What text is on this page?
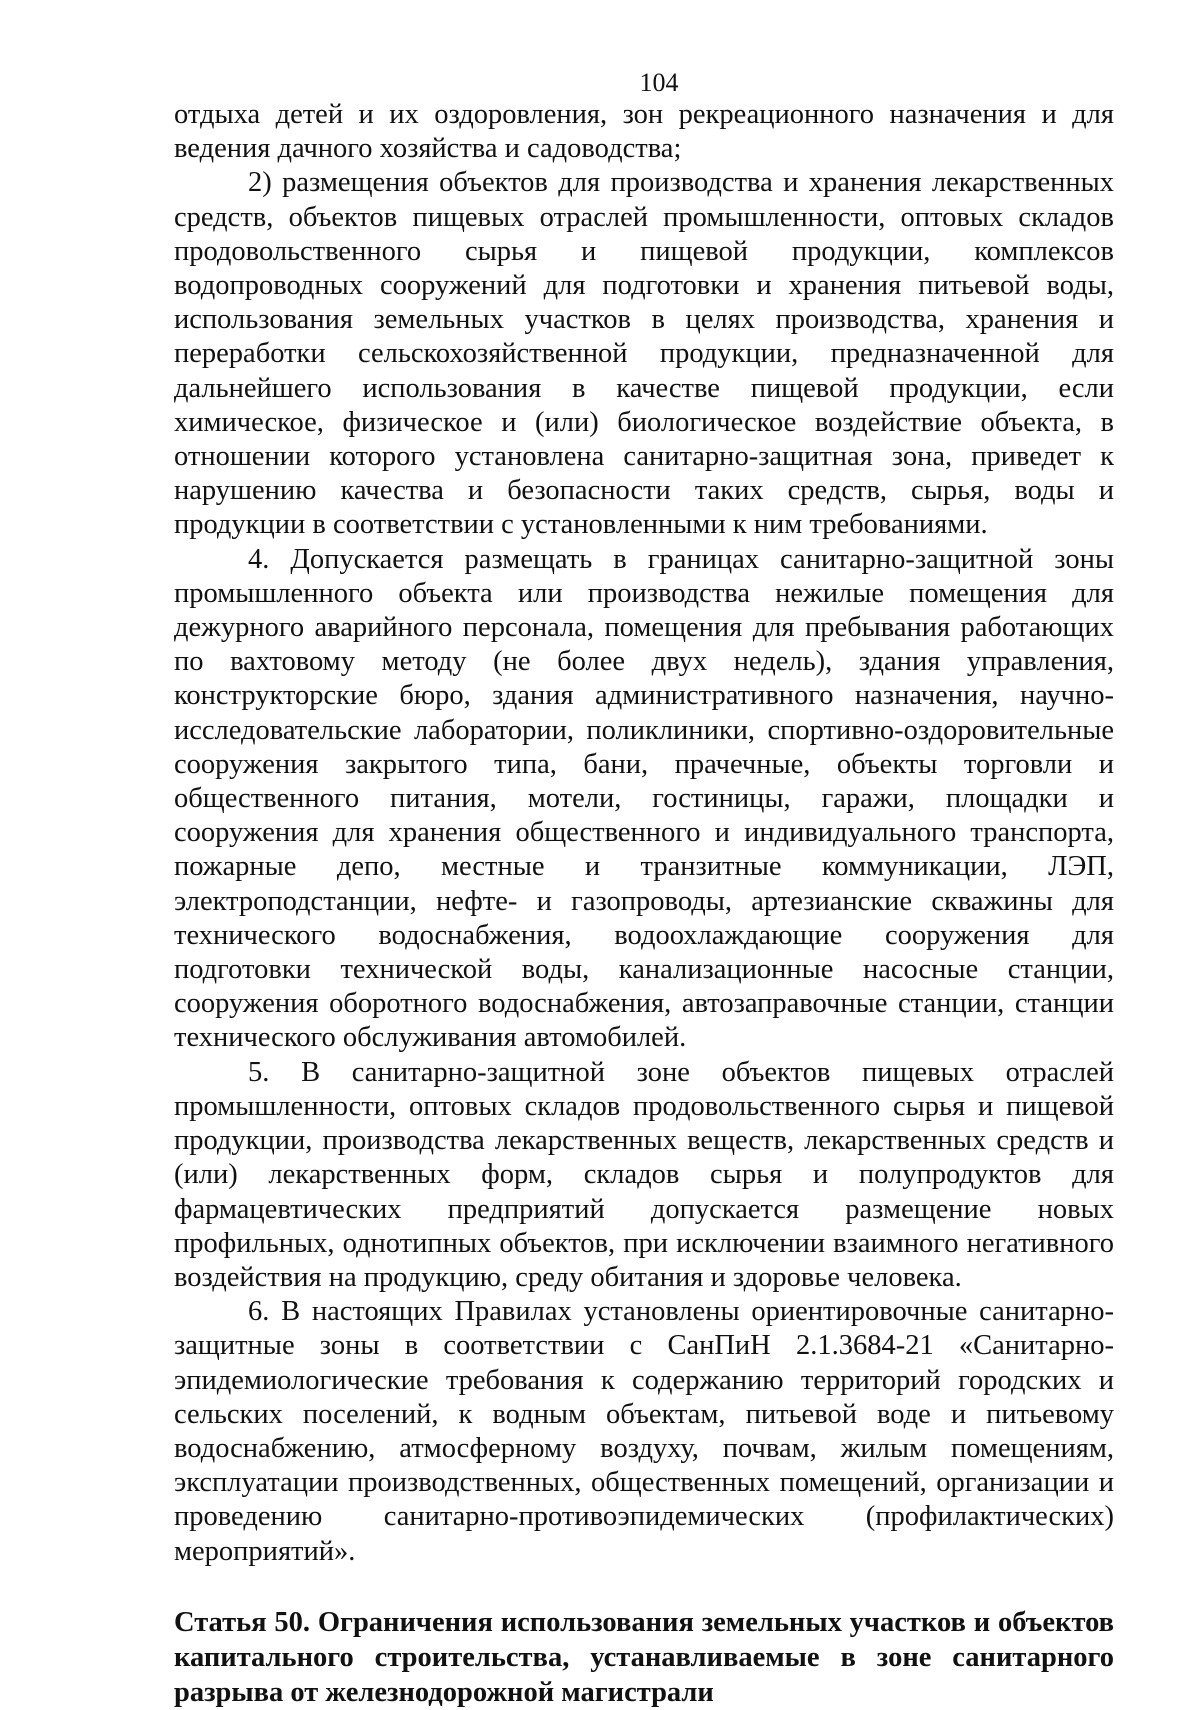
104

отдыха детей и их оздоровления, зон рекреационного назначения и для ведения дачного хозяйства и садоводства;

2) размещения объектов для производства и хранения лекарственных средств, объектов пищевых отраслей промышленности, оптовых складов продовольственного сырья и пищевой продукции, комплексов водопроводных сооружений для подготовки и хранения питьевой воды, использования земельных участков в целях производства, хранения и переработки сельскохозяйственной продукции, предназначенной для дальнейшего использования в качестве пищевой продукции, если химическое, физическое и (или) биологическое воздействие объекта, в отношении которого установлена санитарно-защитная зона, приведет к нарушению качества и безопасности таких средств, сырья, воды и продукции в соответствии с установленными к ним требованиями.

4. Допускается размещать в границах санитарно-защитной зоны промышленного объекта или производства нежилые помещения для дежурного аварийного персонала, помещения для пребывания работающих по вахтовому методу (не более двух недель), здания управления, конструкторские бюро, здания административного назначения, научно-исследовательские лаборатории, поликлиники, спортивно-оздоровительные сооружения закрытого типа, бани, прачечные, объекты торговли и общественного питания, мотели, гостиницы, гаражи, площадки и сооружения для хранения общественного и индивидуального транспорта, пожарные депо, местные и транзитные коммуникации, ЛЭП, электроподстанции, нефте- и газопроводы, артезианские скважины для технического водоснабжения, водоохлаждающие сооружения для подготовки технической воды, канализационные насосные станции, сооружения оборотного водоснабжения, автозаправочные станции, станции технического обслуживания автомобилей.

5. В санитарно-защитной зоне объектов пищевых отраслей промышленности, оптовых складов продовольственного сырья и пищевой продукции, производства лекарственных веществ, лекарственных средств и (или) лекарственных форм, складов сырья и полупродуктов для фармацевтических предприятий допускается размещение новых профильных, однотипных объектов, при исключении взаимного негативного воздействия на продукцию, среду обитания и здоровье человека.

6. В настоящих Правилах установлены ориентировочные санитарно-защитные зоны в соответствии с СанПиН 2.1.3684-21 «Санитарно-эпидемиологические требования к содержанию территорий городских и сельских поселений, к водным объектам, питьевой воде и питьевому водоснабжению, атмосферному воздуху, почвам, жилым помещениям, эксплуатации производственных, общественных помещений, организации и проведению санитарно-противоэпидемических (профилактических) мероприятий».

Статья 50. Ограничения использования земельных участков и объектов капитального строительства, устанавливаемые в зоне санитарного разрыва от железнодорожной магистрали
